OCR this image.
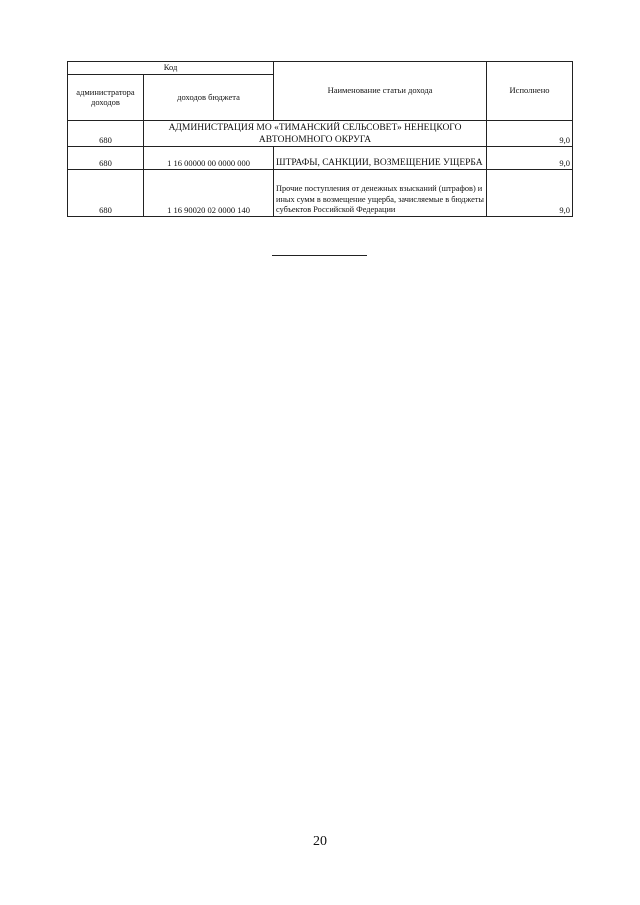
Код		Наименование статьи дохода	Исполнено
администратора доходов	доходов бюджета		
680	АДМИНИСТРАЦИЯ МО «ТИМАНСКИЙ СЕЛЬСОВЕТ» НЕНЕЦКОГО АВТОНОМНОГО ОКРУГА		9,0
680	1 16 00000 00 0000 000	ШТРАФЫ, САНКЦИИ, ВОЗМЕЩЕНИЕ УЩЕРБА	9,0
680	1 16 90020 02 0000 140	Прочие поступления от денежных взысканий (штрафов) и иных сумм в возмещение ущерба, зачисляемые в бюджеты субъектов Российской Федерации	9,0
20
